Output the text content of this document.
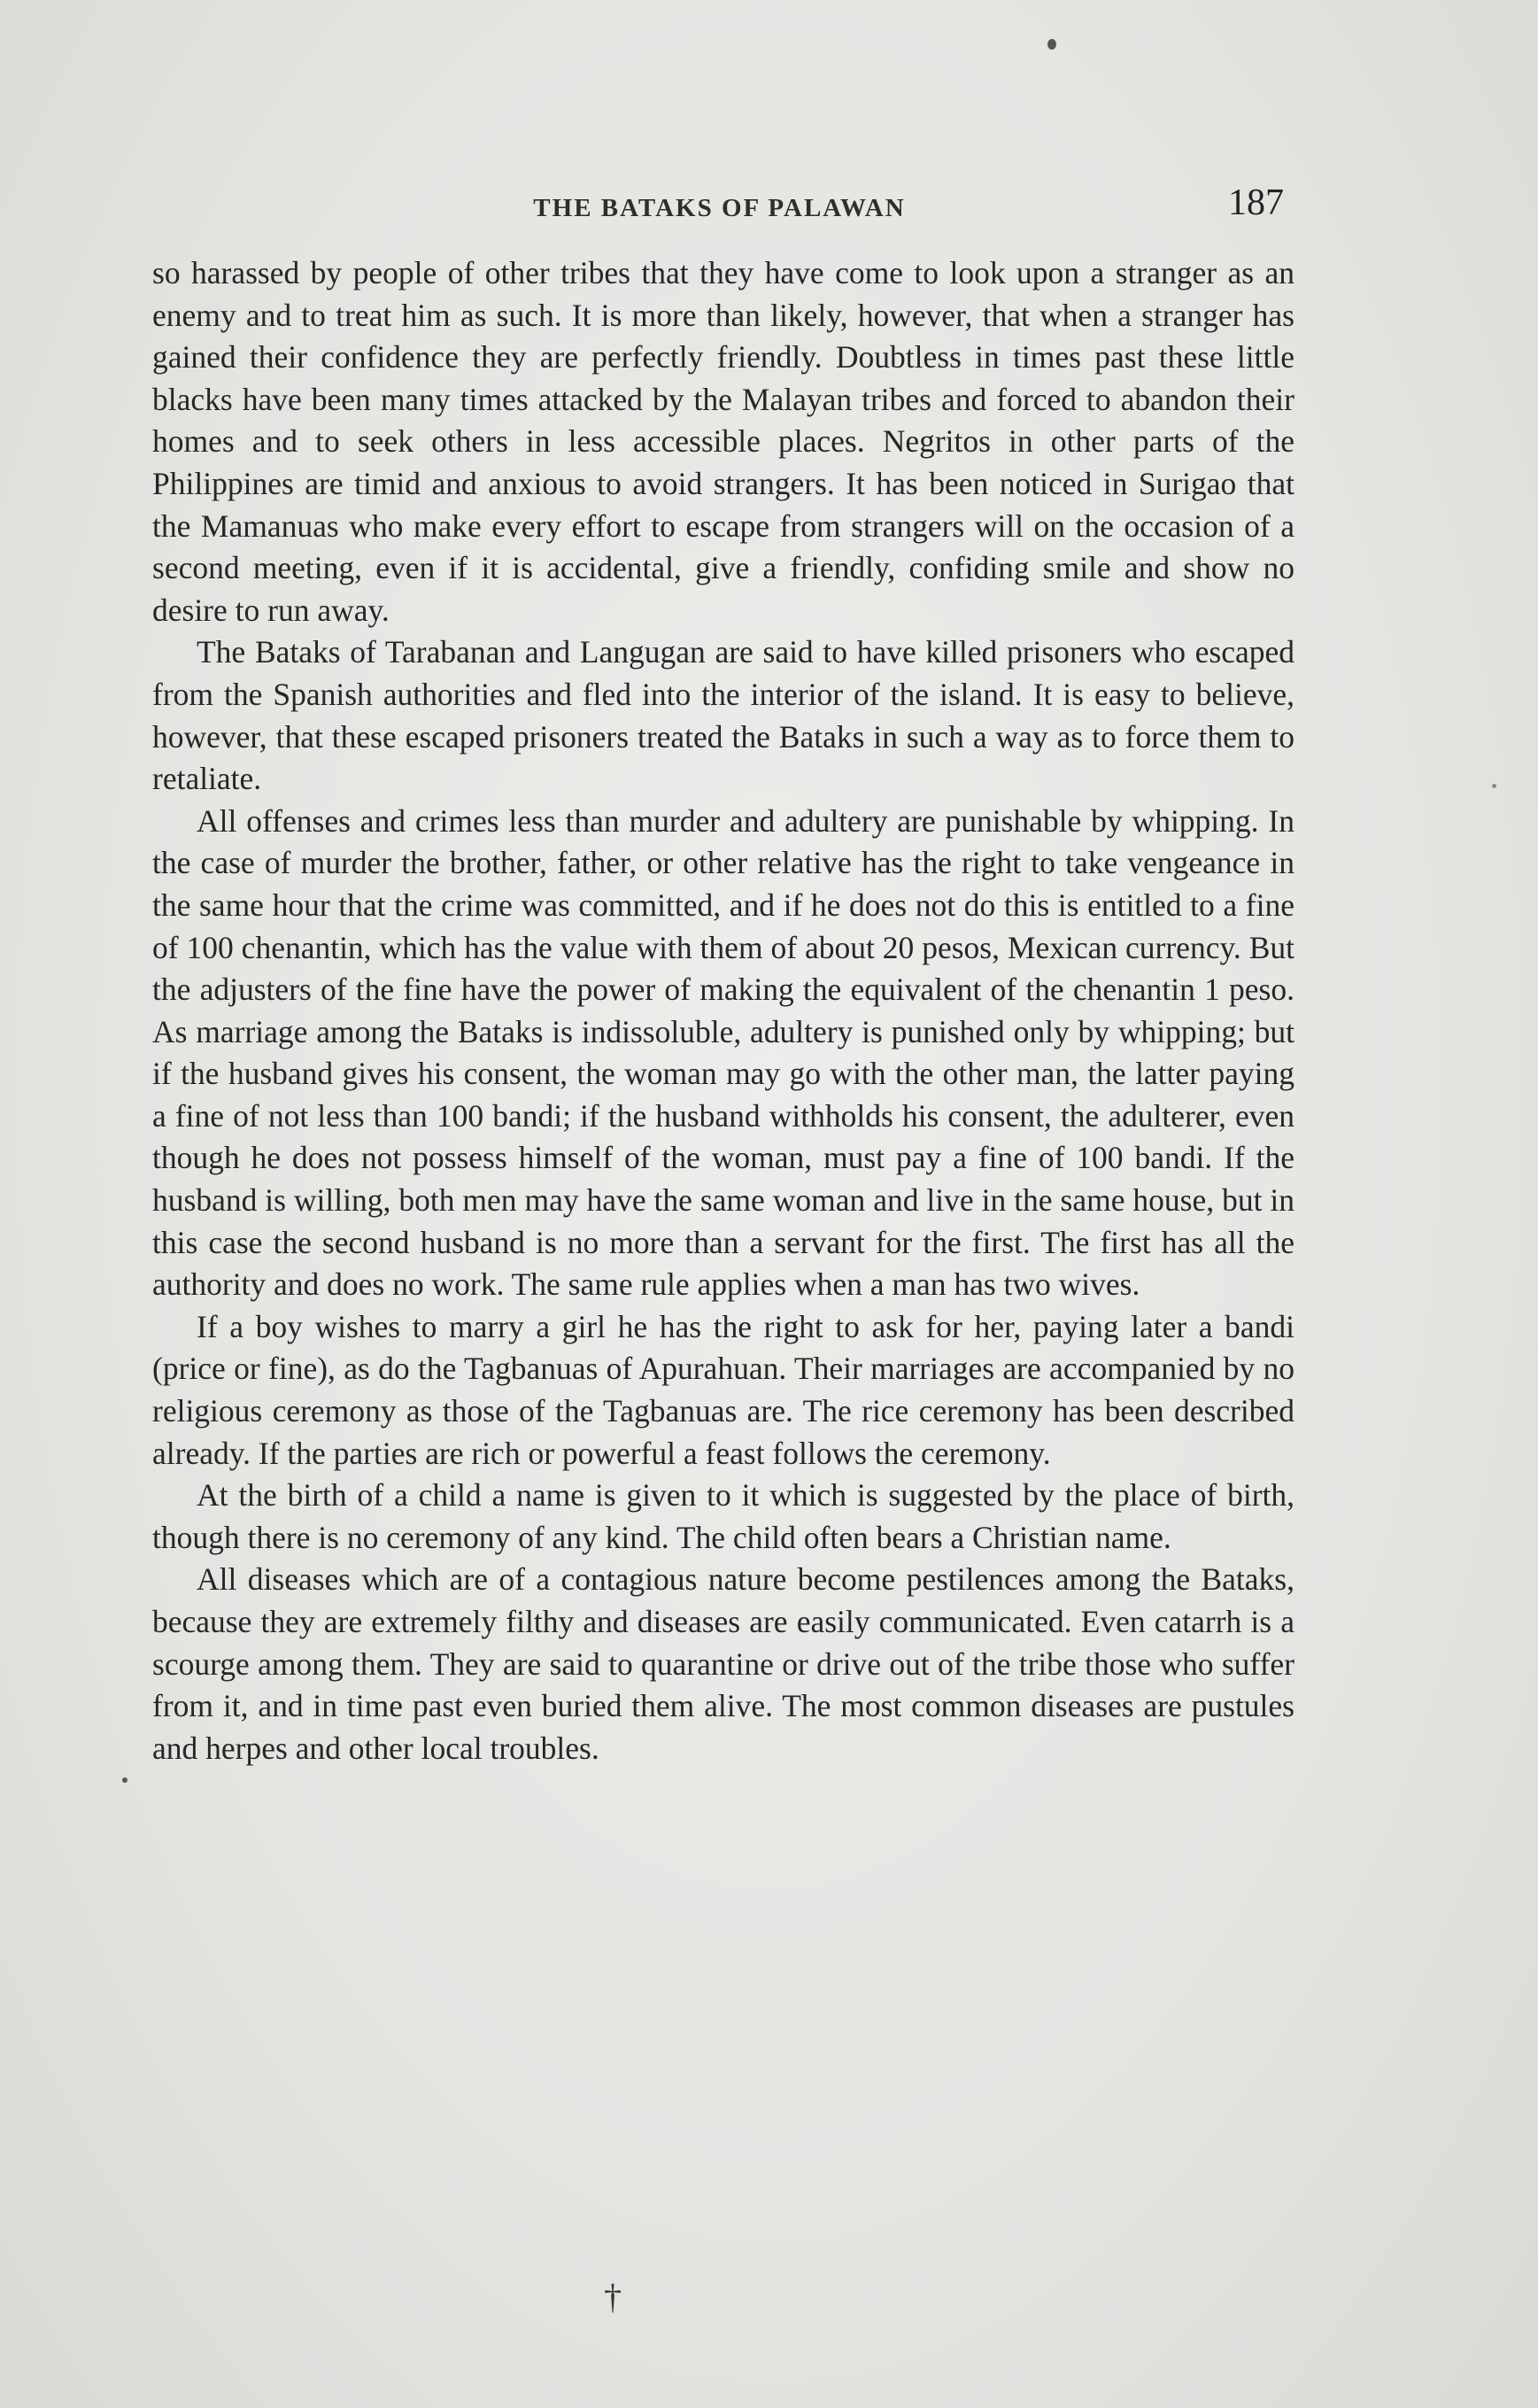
THE BATAKS OF PALAWAN	187

so harassed by people of other tribes that they have come to look upon a stranger as an enemy and to treat him as such. It is more than likely, however, that when a stranger has gained their confidence they are perfectly friendly. Doubtless in times past these little blacks have been many times attacked by the Malayan tribes and forced to abandon their homes and to seek others in less accessible places. Negritos in other parts of the Philippines are timid and anxious to avoid strangers. It has been noticed in Surigao that the Mamanuas who make every effort to escape from strangers will on the occasion of a second meeting, even if it is accidental, give a friendly, confiding smile and show no desire to run away.

The Bataks of Tarabanan and Langugan are said to have killed prisoners who escaped from the Spanish authorities and fled into the interior of the island. It is easy to believe, however, that these escaped prisoners treated the Bataks in such a way as to force them to retaliate.

All offenses and crimes less than murder and adultery are punishable by whipping. In the case of murder the brother, father, or other relative has the right to take vengeance in the same hour that the crime was committed, and if he does not do this is entitled to a fine of 100 chenantin, which has the value with them of about 20 pesos, Mexican currency. But the adjusters of the fine have the power of making the equivalent of the chenantin 1 peso. As marriage among the Bataks is indissoluble, adultery is punished only by whipping; but if the husband gives his consent, the woman may go with the other man, the latter paying a fine of not less than 100 bandi; if the husband withholds his consent, the adulterer, even though he does not possess himself of the woman, must pay a fine of 100 bandi. If the husband is willing, both men may have the same woman and live in the same house, but in this case the second husband is no more than a servant for the first. The first has all the authority and does no work. The same rule applies when a man has two wives.

If a boy wishes to marry a girl he has the right to ask for her, paying later a bandi (price or fine), as do the Tagbanuas of Apurahuan. Their marriages are accompanied by no religious ceremony as those of the Tagbanuas are. The rice ceremony has been described already. If the parties are rich or powerful a feast follows the ceremony.

At the birth of a child a name is given to it which is suggested by the place of birth, though there is no ceremony of any kind. The child often bears a Christian name.

All diseases which are of a contagious nature become pestilences among the Bataks, because they are extremely filthy and diseases are easily communicated. Even catarrh is a scourge among them. They are said to quarantine or drive out of the tribe those who suffer from it, and in time past even buried them alive. The most common diseases are pustules and herpes and other local troubles.

†
